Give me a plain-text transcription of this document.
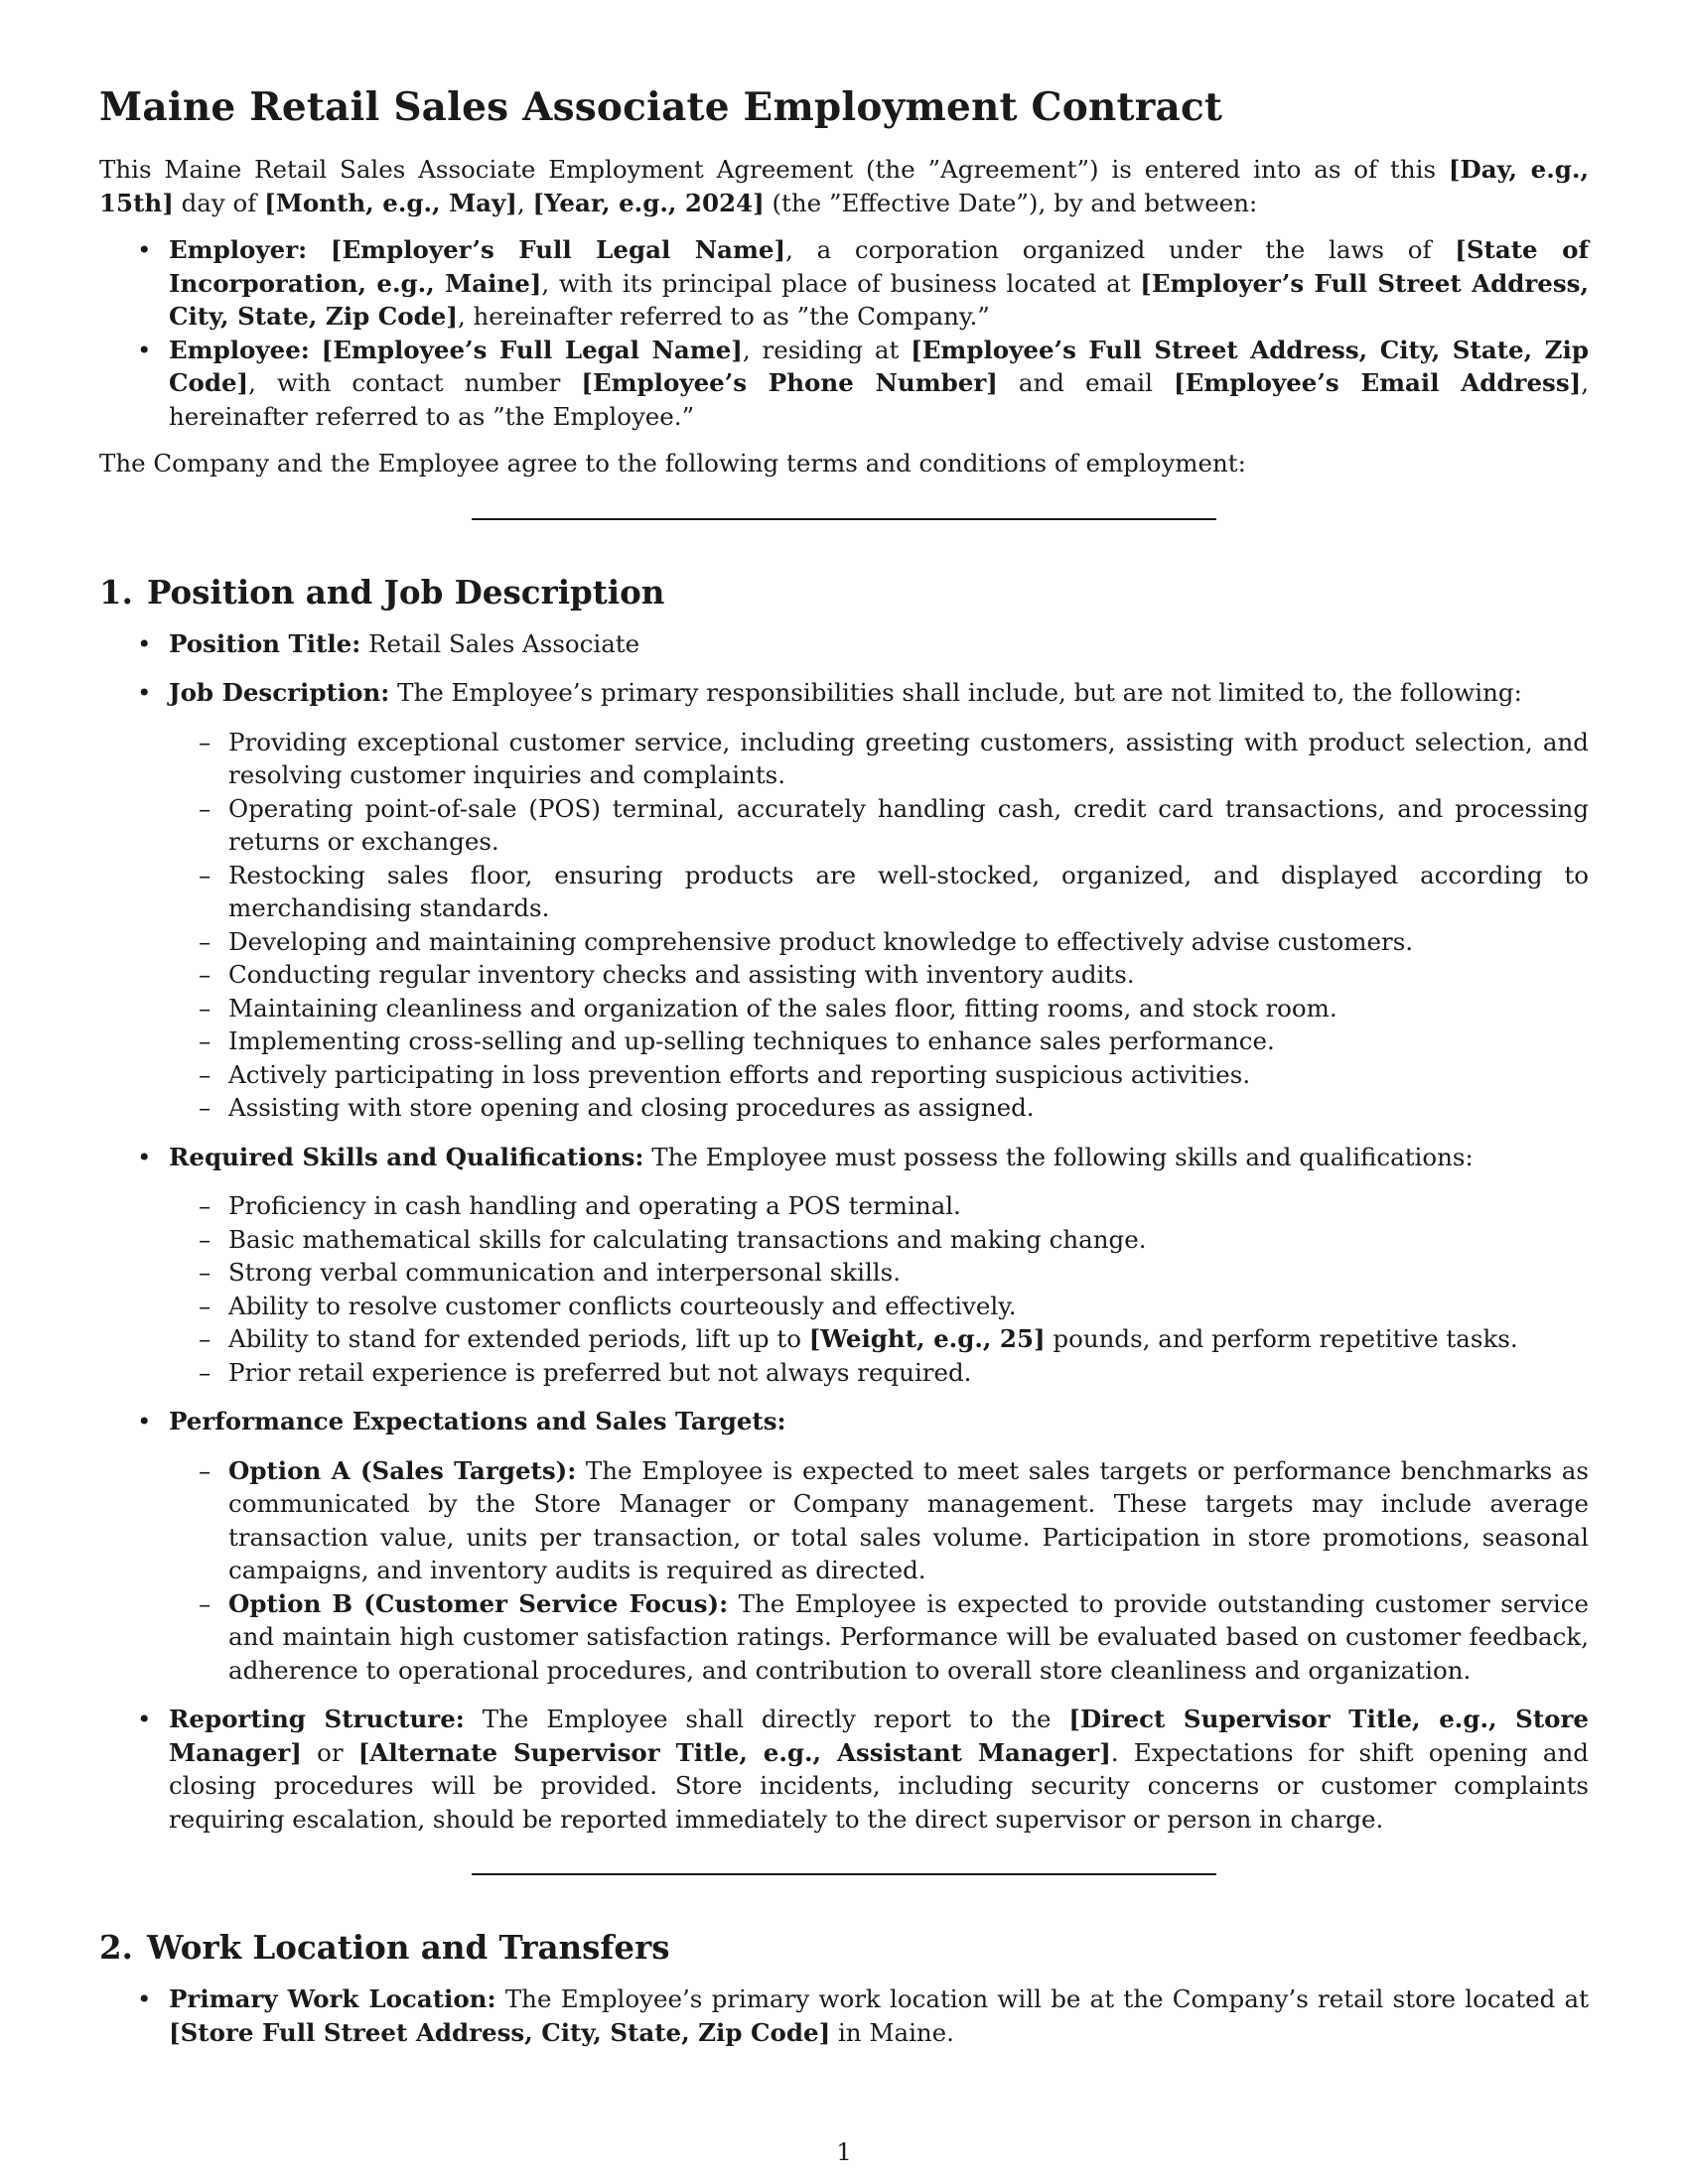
Maine Retail Sales Associate Employment Contract

This Maine Retail Sales Associate Employment Agreement (the ”Agreement”) is entered into as of this [Day, e.g., 15th] day of [Month, e.g., May], [Year, e.g., 2024] (the ”Effective Date”), by and between:

• Employer: [Employer’s Full Legal Name], a corporation organized under the laws of [State of Incorporation, e.g., Maine], with its principal place of business located at [Employer’s Full Street Address, City, State, Zip Code], hereinafter referred to as ”the Company.”
• Employee: [Employee’s Full Legal Name], residing at [Employee’s Full Street Address, City, State, Zip Code], with contact number [Employee’s Phone Number] and email [Employee’s Email Address], hereinafter referred to as ”the Employee.”

The Company and the Employee agree to the following terms and conditions of employment:

1. Position and Job Description
• Position Title: Retail Sales Associate
• Job Description: The Employee’s primary responsibilities shall include, but are not limited to, the following:
– Providing exceptional customer service, including greeting customers, assisting with product selection, and resolving customer inquiries and complaints.
– Operating point-of-sale (POS) terminal, accurately handling cash, credit card transactions, and processing returns or exchanges.
– Restocking sales floor, ensuring products are well-stocked, organized, and displayed according to merchandising standards.
– Developing and maintaining comprehensive product knowledge to effectively advise customers.
– Conducting regular inventory checks and assisting with inventory audits.
– Maintaining cleanliness and organization of the sales floor, fitting rooms, and stock room.
– Implementing cross-selling and up-selling techniques to enhance sales performance.
– Actively participating in loss prevention efforts and reporting suspicious activities.
– Assisting with store opening and closing procedures as assigned.
• Required Skills and Qualifications: The Employee must possess the following skills and qualifications:
– Proficiency in cash handling and operating a POS terminal.
– Basic mathematical skills for calculating transactions and making change.
– Strong verbal communication and interpersonal skills.
– Ability to resolve customer conflicts courteously and effectively.
– Ability to stand for extended periods, lift up to [Weight, e.g., 25] pounds, and perform repetitive tasks.
– Prior retail experience is preferred but not always required.
• Performance Expectations and Sales Targets:
– Option A (Sales Targets): The Employee is expected to meet sales targets or performance benchmarks as communicated by the Store Manager or Company management. These targets may include average transaction value, units per transaction, or total sales volume. Participation in store promotions, seasonal campaigns, and inventory audits is required as directed.
– Option B (Customer Service Focus): The Employee is expected to provide outstanding customer service and maintain high customer satisfaction ratings. Performance will be evaluated based on customer feedback, adherence to operational procedures, and contribution to overall store cleanliness and organization.
• Reporting Structure: The Employee shall directly report to the [Direct Supervisor Title, e.g., Store Manager] or [Alternate Supervisor Title, e.g., Assistant Manager]. Expectations for shift opening and closing procedures will be provided. Store incidents, including security concerns or customer complaints requiring escalation, should be reported immediately to the direct supervisor or person in charge.
2. Work Location and Transfers
• Primary Work Location: The Employee’s primary work location will be at the Company’s retail store located at [Store Full Street Address, City, State, Zip Code] in Maine.
1
